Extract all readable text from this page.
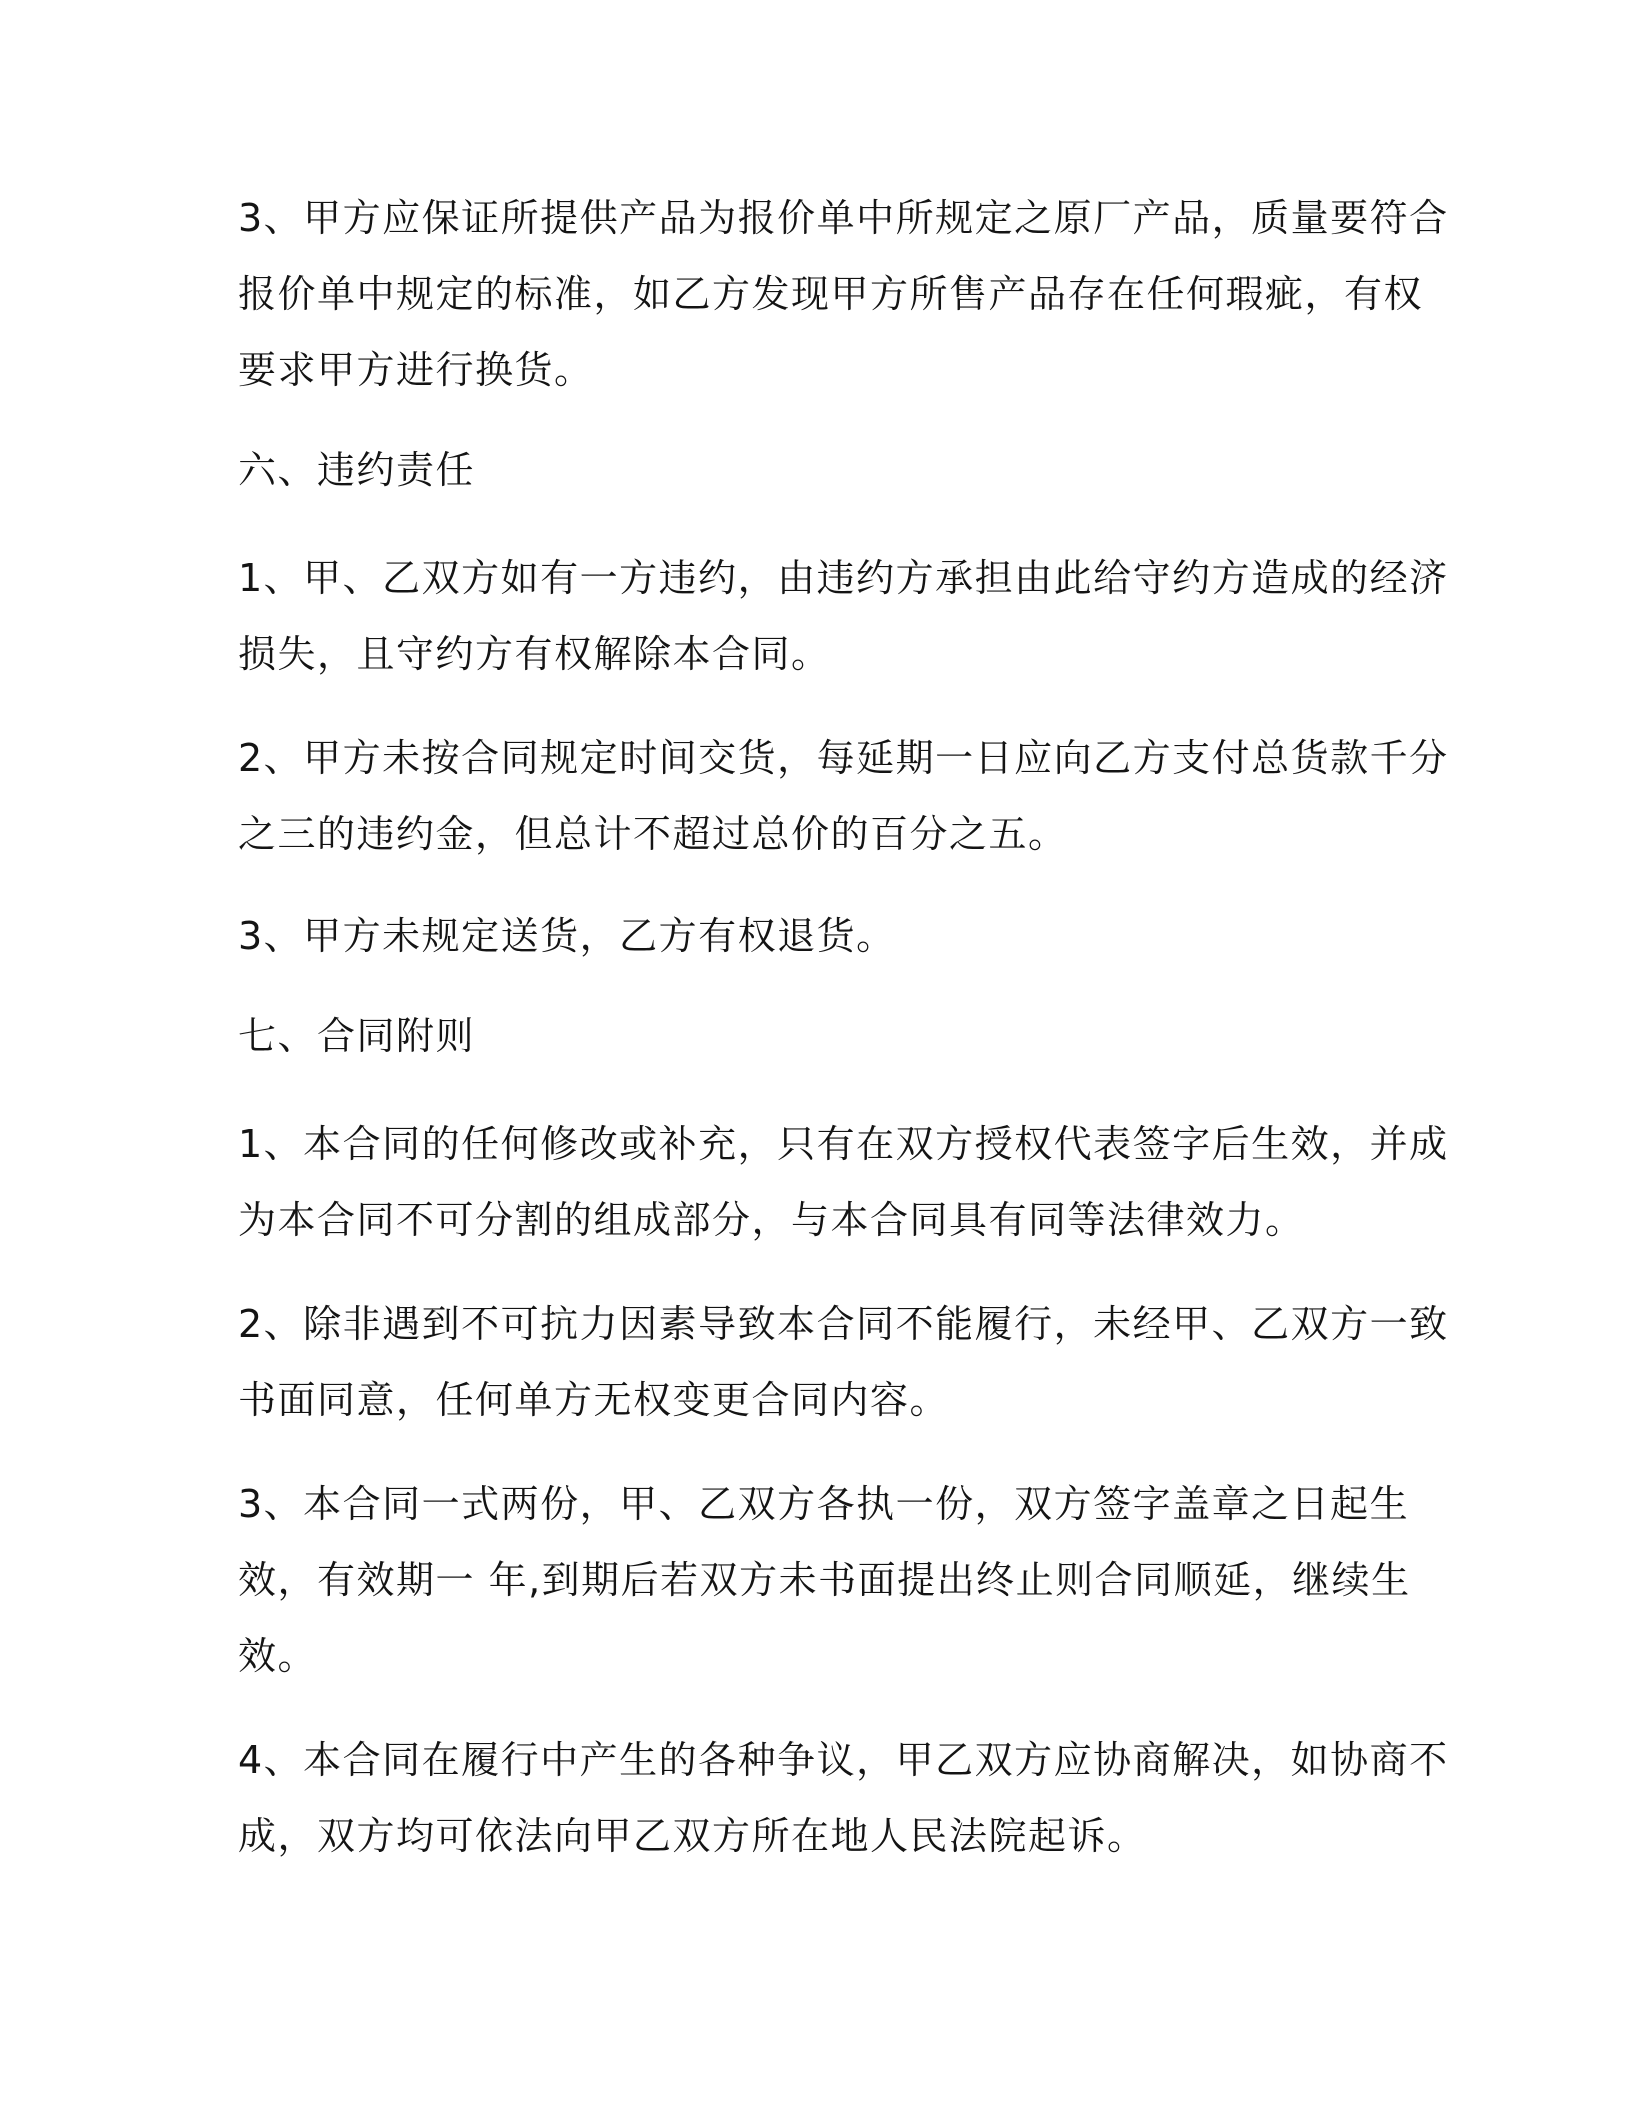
3、甲方应保证所提供产品为报价单中所规定之原厂产品，质量要符合
报价单中规定的标准，如乙方发现甲方所售产品存在任何瑕疵，有权
要求甲方进行换货。
六、违约责任
1、甲、乙双方如有一方违约，由违约方承担由此给守约方造成的经济
损失，且守约方有权解除本合同。
2、甲方未按合同规定时间交货，每延期一日应向乙方支付总货款千分
之三的违约金，但总计不超过总价的百分之五。
3、甲方未规定送货，乙方有权退货。
七、合同附则
1、本合同的任何修改或补充，只有在双方授权代表签字后生效，并成
为本合同不可分割的组成部分，与本合同具有同等法律效力。
2、除非遇到不可抗力因素导致本合同不能履行，未经甲、乙双方一致
书面同意，任何单方无权变更合同内容。
3、本合同一式两份，甲、乙双方各执一份，双方签字盖章之日起生
效，有效期一 年,到期后若双方未书面提出终止则合同顺延，继续生
效。
4、本合同在履行中产生的各种争议，甲乙双方应协商解决，如协商不
成，双方均可依法向甲乙双方所在地人民法院起诉。
